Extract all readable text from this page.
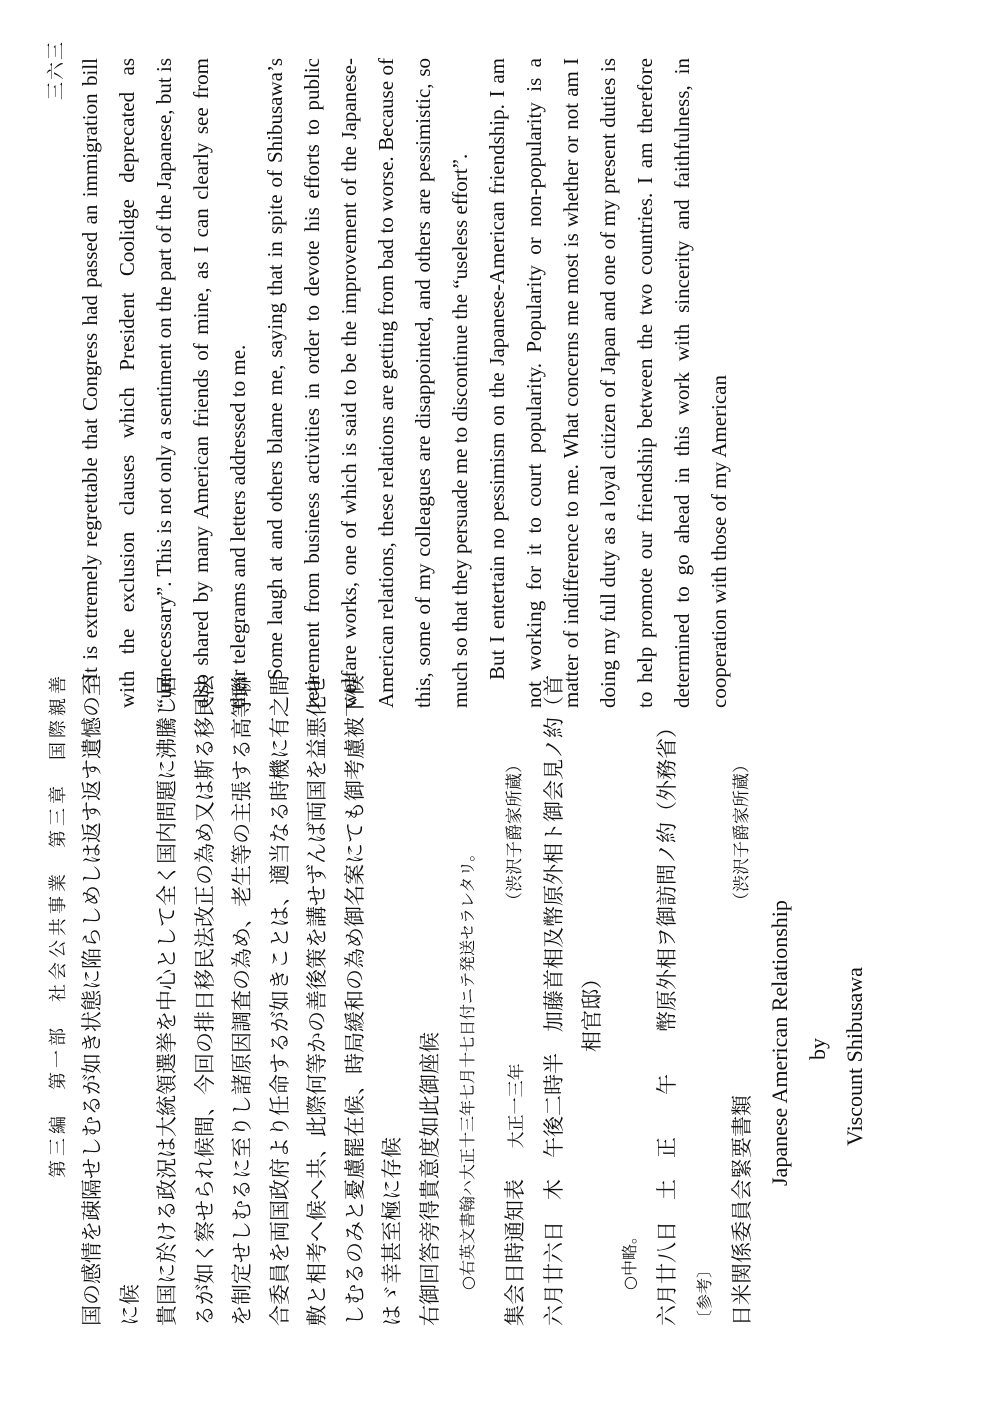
第三編　第一部　社会公共事業　第三章　国際親善
三六三

国の感情を疎隔せしむるが如き状態に陥らしめしは返す返す遺憾の至 に候 貴国に於ける政況は大統領選挙を中心として全く国内問題に沸騰し居 るが如く察せられ候間、今回の排日移民法改正の為め又は斯る移民法 を制定せしむるに至りし諸原因調査の為め、老生等の主張する高等聯 合委員を両国政府より任命するが如きことは、適当なる時機に有之間 敷と相考へ候へ共、此際何等かの善後策を講せずんば両国を益悪化せ しむるのみと憂慮罷在候、時局緩和の為め御名案にても御考慮被下候 はゞ幸甚至極に存候 右御回答旁得貴意度如此御座候	○右英文書翰ハ大正十三年七月十七日付ニテ発送セラレタリ。	集会日時通知表 大正一三年
（渋沢子爵家所蔵） 六月廿六日　木　午後二時半　加藤首相及幣原外相ト御会見ノ約（首 相官邸）

○中略。 六月廿八日　土　正　　午　　幣原外相ヲ御訪問ノ約（外務省）	〔参考〕 日米関係委員会緊要書類
（渋沢子爵家所蔵）

Japanese American Relationship by Viscount Shibusawa

It is extremely regrettable that Congress had passed an immigration bill with the exclusion clauses which President Coolidge deprecated as “unnecessary”. This is not only a sentiment on the part of the Japanese, but is also shared by many American friends of mine, as I can clearly see from their telegrams and letters addressed to me. Some laugh at and others blame me, saying that in spite of Shibusawa’s retirement from business activities in order to devote his efforts to public welfare works, one of which is said to be the improvement of the Japanese-American relations, these relations are getting from bad to worse. Because of this, some of my colleagues are disappointed, and others are pessimistic, so much so that they persuade me to discontinue the “useless effort”. But I entertain no pessimism on the Japanese-American friendship. I am not working for it to court popularity. Popularity or non-popularity is a matter of indifference to me. What concerns me most is whether or not am I doing my full duty as a loyal citizen of Japan and one of my present duties is to help promote our friendship between the two countries. I am therefore determined to go ahead in this work with sincerity and faithfulness, in cooperation with those of my American
